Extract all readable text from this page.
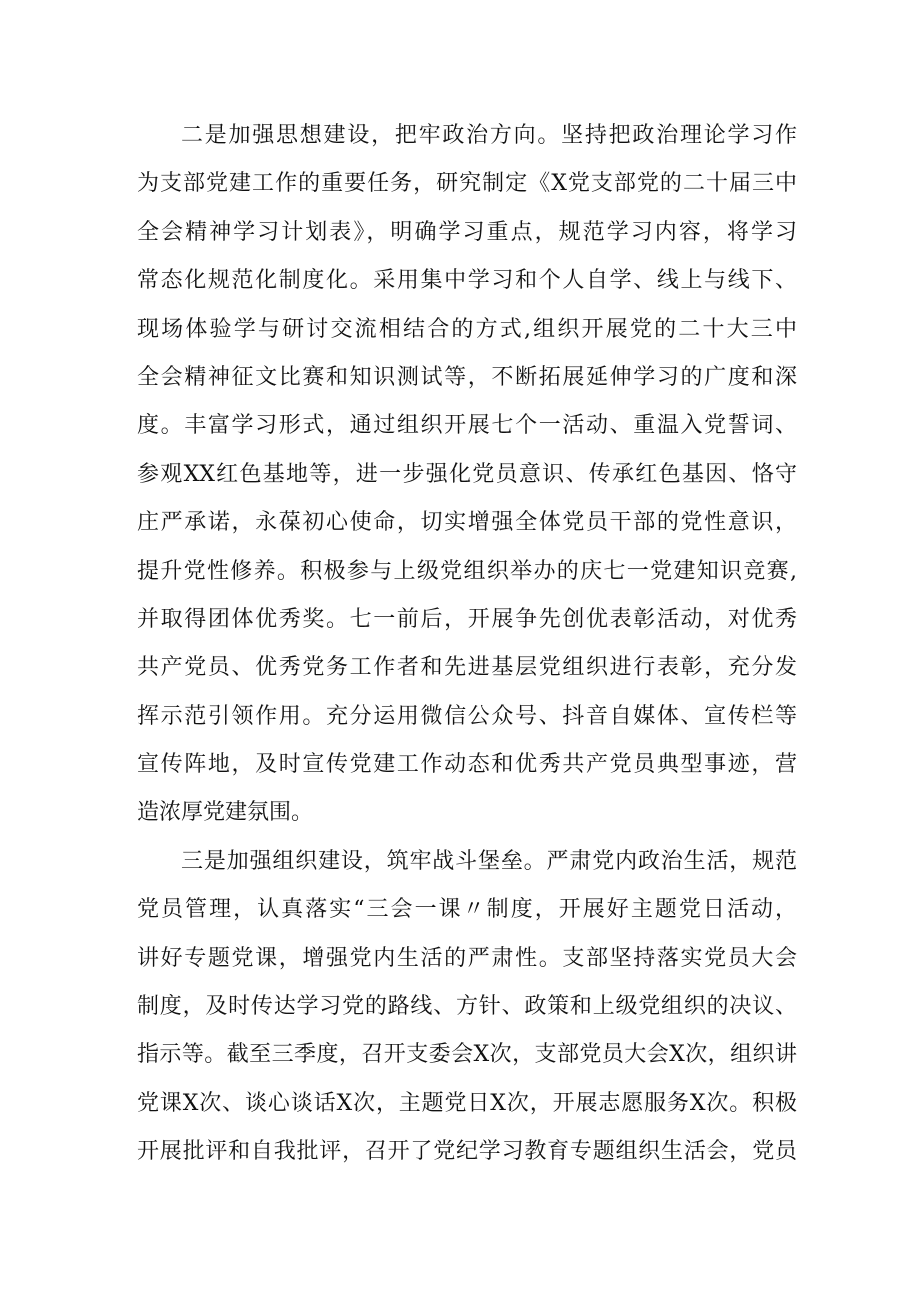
二是加强思想建设，把牢政治方向。坚持把政治理论学习作
为支部党建工作的重要任务，研究制定《X党支部党的二十届三中
全会精神学习计划表》，明确学习重点，规范学习内容，将学习
常态化规范化制度化。采用集中学习和个人自学、线上与线下、
现场体验学与研讨交流相结合的方式,组织开展党的二十大三中
全会精神征文比赛和知识测试等，不断拓展延伸学习的广度和深
度。丰富学习形式，通过组织开展七个一活动、重温入党誓词、
参观XX红色基地等，进一步强化党员意识、传承红色基因、恪守
庄严承诺，永葆初心使命，切实增强全体党员干部的党性意识，
提升党性修养。积极参与上级党组织举办的庆七一党建知识竞赛,
并取得团体优秀奖。七一前后，开展争先创优表彰活动，对优秀
共产党员、优秀党务工作者和先进基层党组织进行表彰，充分发
挥示范引领作用。充分运用微信公众号、抖音自媒体、宣传栏等
宣传阵地，及时宣传党建工作动态和优秀共产党员典型事迹，营
造浓厚党建氛围。
三是加强组织建设，筑牢战斗堡垒。严肃党内政治生活，规范
党员管理，认真落实“三会一课〃制度，开展好主题党日活动，
讲好专题党课，增强党内生活的严肃性。支部坚持落实党员大会
制度，及时传达学习党的路线、方针、政策和上级党组织的决议、
指示等。截至三季度，召开支委会X次，支部党员大会X次，组织讲
党课X次、谈心谈话X次，主题党日X次，开展志愿服务X次。积极
开展批评和自我批评，召开了党纪学习教育专题组织生活会，党员
